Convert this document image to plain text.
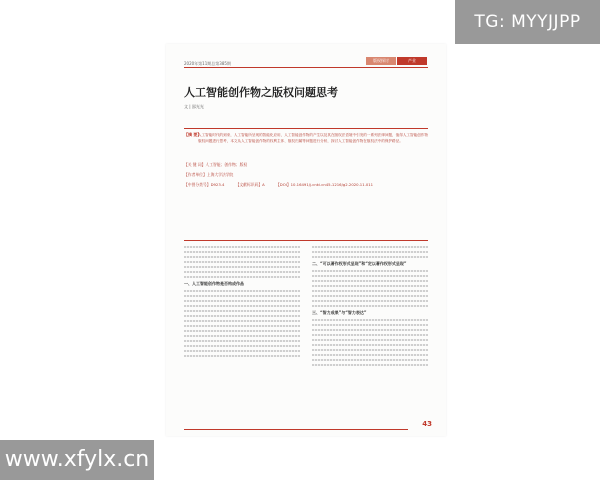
2020年第11期总第385期
版权探讨	产业
人工智能创作物之版权问题思考
文 | 邵光光
【摘 要】
人工智能时代的到来，人工智能所呈现的智能化应用，人工智能创作物的产生以及其在版权法语境中引发的一系列法律问题，值得人工智能创作物版权问题进行思考，本文从人工智能创作物的权利主体、版权归属等问题进行分析，探讨人工智能创作物在版权法中的保护路径。
【关 键 词】人工智能；创作物；版权
【作者单位】上海大学法学院
【中图分类号】D923.4	【文献标识码】A	【DOI】10.16491/j.cnki.cn45-1216/g2.2020.11.011
一、人工智能创作物是否构成作品
二、“可以著作权形式呈现”和“定以著作权形式呈现”
三、“智力成果”与“智力表达”
43
TG: MYYJJPP
www.xfylx.cn
